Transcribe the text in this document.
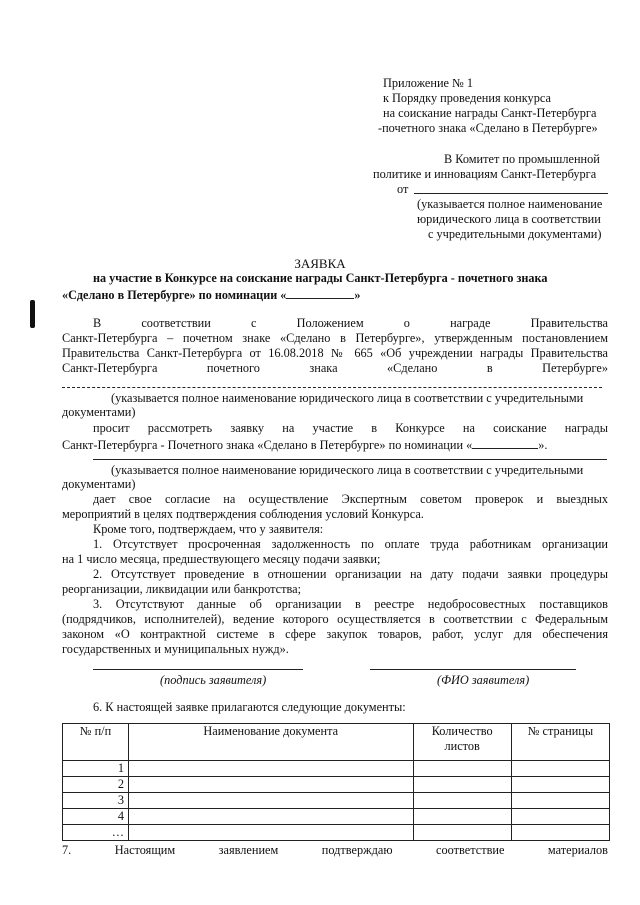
Приложение № 1
к Порядку проведения конкурса
на соискание награды Санкт-Петербурга
-почетного знака «Сделано в Петербурге»
В Комитет по промышленной
политике и инновациям Санкт-Петербурга
от
(указывается полное наименование
юридического лица в соответствии
с учредительными документами)
ЗАЯВКА
на участие в Конкурсе на соискание награды Санкт-Петербурга - почетного знака
«Сделано в Петербурге» по номинации «	»
В соответствии с Положением о награде Правительства
Санкт-Петербурга – почетном знаке «Сделано в Петербурге», утвержденным постановлением
Правительства Санкт-Петербурга от 16.08.2018 № 665 «Об учреждении награды Правительства
Санкт-Петербурга почетного знака «Сделано в Петербурге»
(указывается полное наименование юридического лица в соответствии с учредительными
документами)
просит рассмотреть заявку на участие в Конкурсе на соискание награды
Санкт-Петербурга - Почетного знака «Сделано в Петербурге» по номинации «	».
(указывается полное наименование юридического лица в соответствии с учредительными
документами)
дает свое согласие на осуществление Экспертным советом проверок и выездных
мероприятий в целях подтверждения соблюдения условий Конкурса.
Кроме того, подтверждаем, что у заявителя:
1. Отсутствует просроченная задолженность по оплате труда работникам организации
на 1 число месяца, предшествующего месяцу подачи заявки;
2. Отсутствует проведение в отношении организации на дату подачи заявки процедуры
реорганизации, ликвидации или банкротства;
3. Отсутствуют данные об организации в реестре недобросовестных поставщиков
(подрядчиков, исполнителей), ведение которого осуществляется в соответствии с Федеральным
законом «О контрактной системе в сфере закупок товаров, работ, услуг для обеспечения
государственных и муниципальных нужд».
(подпись заявителя)	(ФИО заявителя)
6. К настоящей заявке прилагаются следующие документы:
№ п/п	Наименование документа	Количество листов	№ страницы
1			
2			
3			
4			
…			
7. Настоящим заявлением подтверждаю соответствие материалов
